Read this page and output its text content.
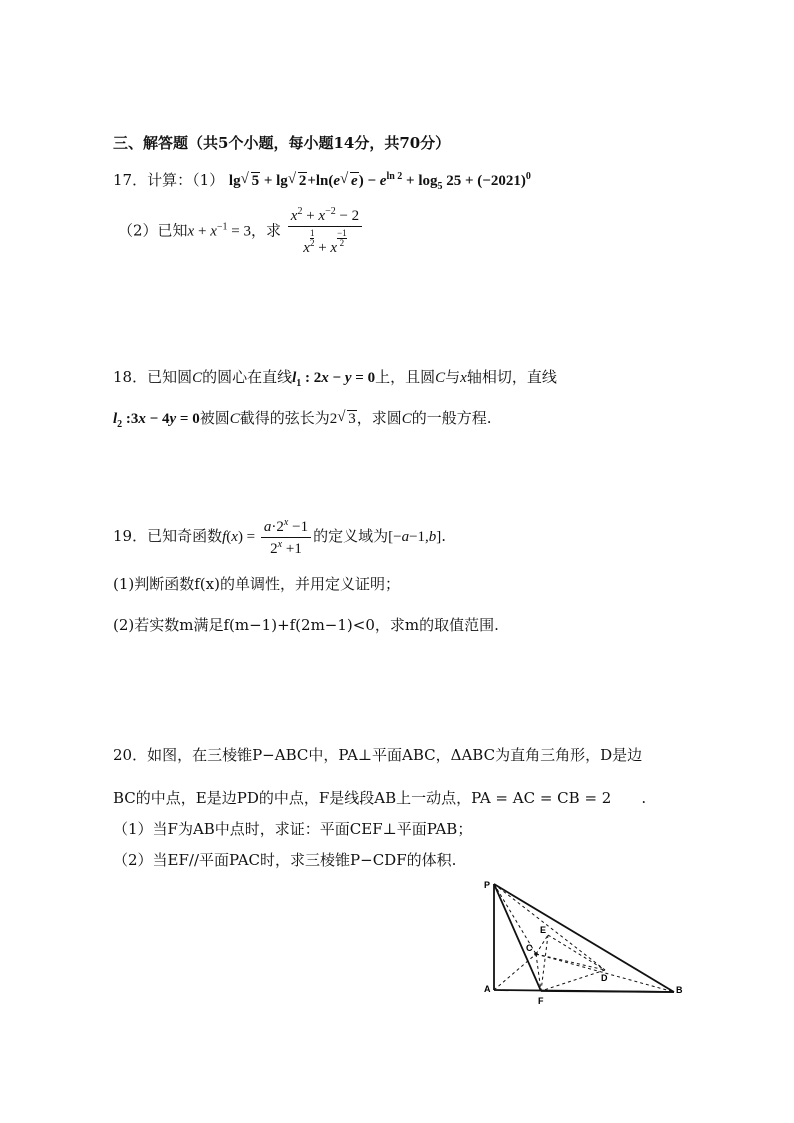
三、解答题（共5个小题，每小题14分，共70分）
17．计算：（1） lg √ 5 + lg √ 2+ln(e √ $e) - e^{ln 2} + \log_5 25 + (-2021)^0$
（2）已知$x + x^{-1} = 3$，求 $\frac{x^2 + x^{-2} - 2}{x \frac{1}{2} + x \frac{-1}{2}}$
18．已知圆C的圆心在直线$l_1$ : 2x − y = 0上，且圆C与x轴相切，直线
$l_2$ :3x − 4y = 0被圆C截得的弦长为2 √ 3，求圆C的一般方程.
19．已知奇函数$f(x) = \frac{a\cdot 2^x -1}{2^x +1}$ 的定义域为[−a−1,b].
(1)判断函数f(x)的单调性，并用定义证明；
(2)若实数m满足f(m−1)+f(2m−1)<0，求m的取值范围.
20．如图，在三棱锥P−ABC中，PA⊥平面ABC，ΔABC为直角三角形，D是边
BC的中点，E是边PD的中点，F是线段AB上一动点，PA = AC = CB = 2　　.
（1）当F为AB中点时，求证：平面CEF⊥平面PAB；
（2）当EF//平面PAC时，求三棱锥P−CDF的体积.
P
A	B
C
D
E
F
